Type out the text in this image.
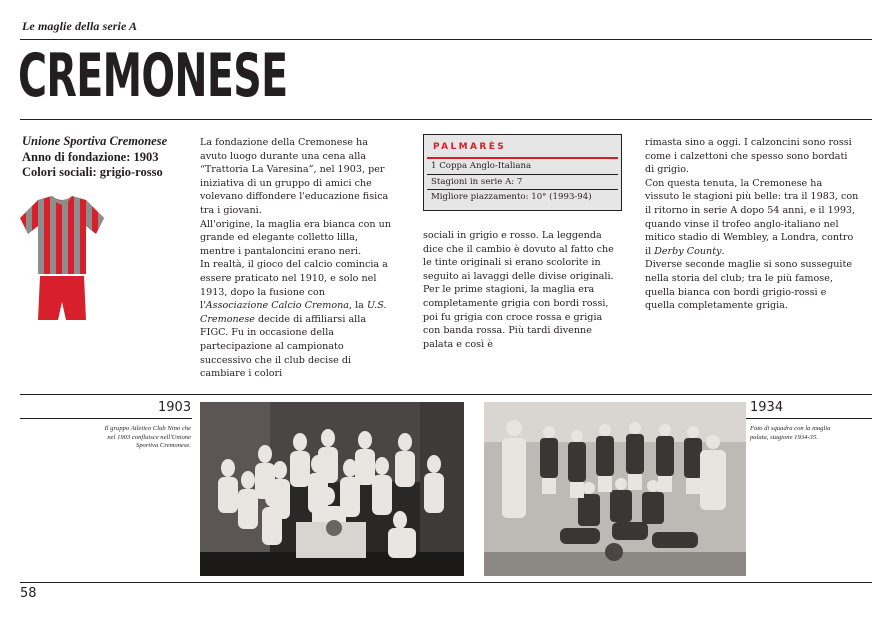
Le maglie della serie A
CREMONESE
Unione Sportiva Cremonese
Anno di fondazione: 1903
Colori sociali: grigio-rosso

La fondazione della Cremonese ha avuto luogo durante una cena alla “Trattoria La Varesina”, nel 1903, per iniziativa di un gruppo di amici che volevano diffondere l'educazione fisica tra i giovani.

All'origine, la maglia era bianca con un grande ed elegante colletto lilla, mentre i pantaloncini erano neri.

In realtà, il gioco del calcio comincia a essere praticato nel 1910, e solo nel 1913, dopo la fusione con l'Associazione Calcio Cremona, la U.S. Cremonese decide di affiliarsi alla FIGC. Fu in occasione della partecipazione al campionato successivo che il club decise di cambiare i colori

PALMARÈS
1 Coppa Anglo-Italiana
Stagioni in serie A: 7
Migliore piazzamento: 10° (1993-94)

sociali in grigio e rosso. La leggenda dice che il cambio è dovuto al fatto che le tinte originali si erano scolorite in seguito ai lavaggi delle divise originali.

Per le prime stagioni, la maglia era completamente grigia con bordi rossi, poi fu grigia con croce rossa e grigia con banda rossa. Più tardi divenne palata e così è

rimasta sino a oggi. I calzoncini sono rossi come i calzettoni che spesso sono bordati di grigio.

Con questa tenuta, la Cremonese ha vissuto le stagioni più belle: tra il 1983, con il ritorno in serie A dopo 54 anni, e il 1993, quando vinse il trofeo anglo-italiano nel mitico stadio di Wembley, a Londra, contro il Derby County.

Diverse seconde maglie si sono susseguite nella storia del club; tra le più famose, quella bianca con bordi grigio-rossi e quella completamente grigia.

1903
Il gruppo Atletico Club Nino che nel 1903 confluisce nell'Unione Sportiva Cremonese.
1934
Foto di squadra con la maglia palata, stagione 1934-35.
58
